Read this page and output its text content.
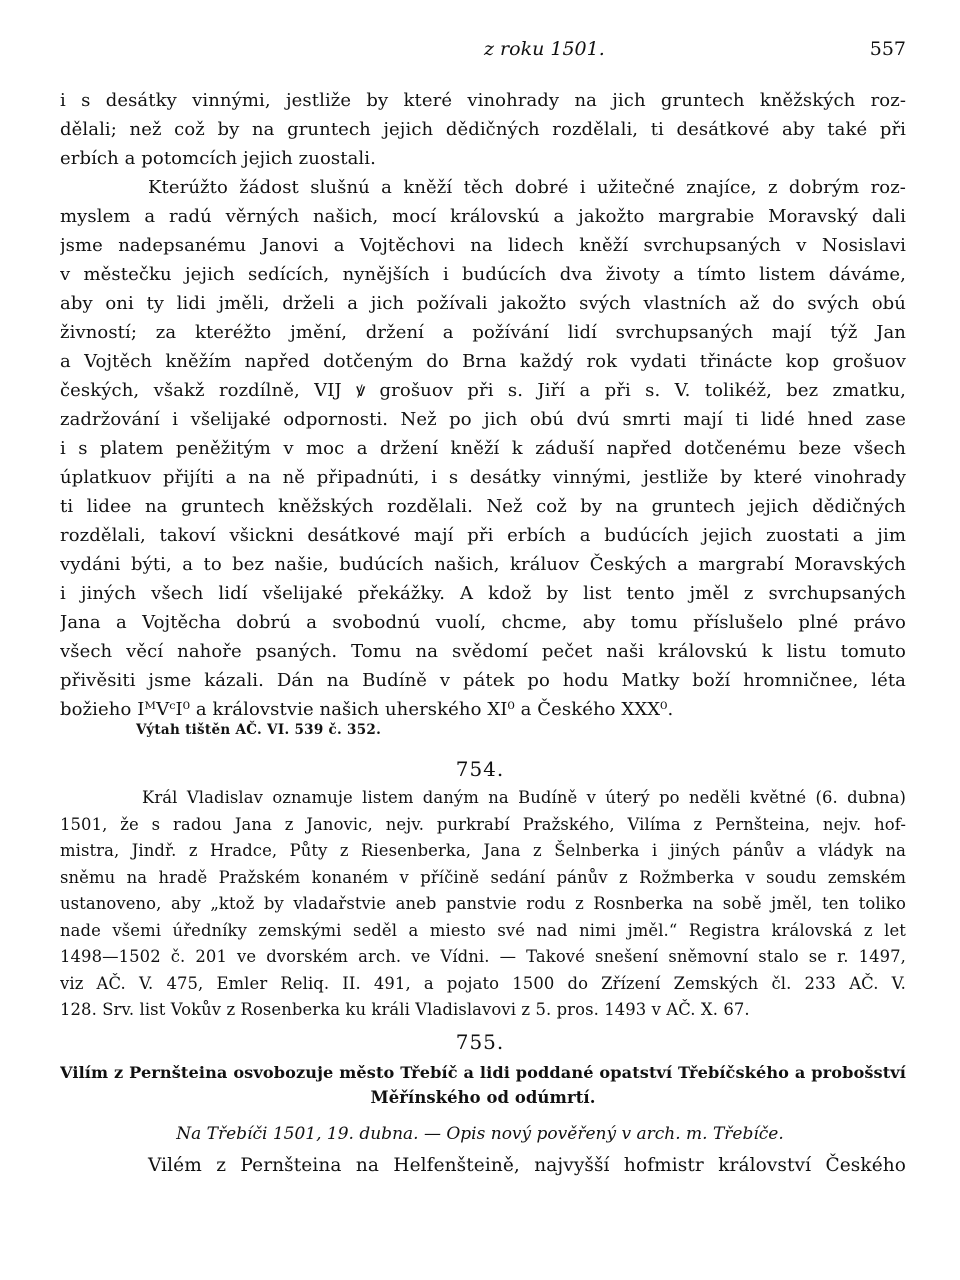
z roku 1501.	557
i s desátky vinnými, jestliže by které vinohrady na jich gruntech kněžských roz-
dělali; než což by na gruntech jejich dědičných rozdělali, ti desátkové aby také při
erbích a potomcích jejich zuostali.
Kterúžto žádost slušnú a kněží těch dobré i užitečné znajíce, z dobrým roz-
myslem a radú věrných našich, mocí královskú a jakožto margrabie Moravský dali
jsme nadepsanému Janovi a Vojtěchovi na lidech kněží svrchupsaných v Nosislavi
v městečku jejich sedících, nynějších i budúcích dva životy a tímto listem dáváme,
aby oni ty lidi jměli, drželi a jich požívali jakožto svých vlastních až do svých obú
živností; za kteréžto jmění, držení a požívání lidí svrchupsaných mají týž Jan
a Vojtěch kněžím napřed dotčeným do Brna každý rok vydati třinácte kop grošuov
českých, všakž rozdílně, VIJ ꝟ grošuov při s. Jiří a při s. V. tolikéž, bez zmatku,
zadržování i všelijaké odpornosti. Než po jich obú dvú smrti mají ti lidé hned zase
i s platem peněžitým v moc a držení kněží k záduší napřed dotčenému beze všech
úplatkuov přijíti a na ně připadnúti, i s desátky vinnými, jestliže by které vinohrady
ti lidee na gruntech kněžských rozdělali. Než což by na gruntech jejich dědičných
rozdělali, takoví všickni desátkové mají při erbích a budúcích jejich zuostati a jim
vydáni býti, a to bez našie, budúcích našich, králuov Českých a margrabí Moravských
i jiných všech lidí všelijaké překážky. A kdož by list tento jměl z svrchupsaných
Jana a Vojtěcha dobrú a svobodnú vuolí, chcme, aby tomu příslušelo plné právo
všech věcí nahoře psaných. Tomu na svědomí pečet naši královskú k listu tomuto
přivěsiti jsme kázali. Dán na Budíně v pátek po hodu Matky boží hromničnee, léta
božieho IᴹVᶜI⁰ a královstvie našich uherského XI⁰ a Českého XXX⁰.
Výtah tištěn AČ. VI. 539 č. 352.
754.
Král Vladislav oznamuje listem daným na Budíně v úterý po neděli květné (6. dubna)
1501, že s radou Jana z Janovic, nejv. purkrabí Pražského, Vilíma z Pernšteina, nejv. hof-
mistra, Jindř. z Hradce, Půty z Riesenberka, Jana z Šelnberka i jiných pánův a vládyk na
sněmu na hradě Pražském konaném v příčině sedání pánův z Rožmberka v soudu zemském
ustanoveno, aby „ktož by vladařstvie aneb panstvie rodu z Rosnberka na sobě jměl, ten toliko
nade všemi úředníky zemskými seděl a miesto své nad nimi jměl.“ Registra královská z let
1498—1502 č. 201 ve dvorském arch. ve Vídni. — Takové snešení sněmovní stalo se r. 1497,
viz AČ. V. 475, Emler Reliq. II. 491, a pojato 1500 do Zřízení Zemských čl. 233 AČ. V.
128. Srv. list Vokův z Rosenberka ku králi Vladislavovi z 5. pros. 1493 v AČ. X. 67.
755.
Vilím z Pernšteina osvobozuje město Třebíč a lidi poddané opatství Třebíčského a probošství
Měřínského od odúmrtí.
Na Třebíči 1501, 19. dubna. — Opis nový pověřený v arch. m. Třebíče.
Vilém z Pernšteina na Helfenšteině, najvyšší hofmistr království Českého
